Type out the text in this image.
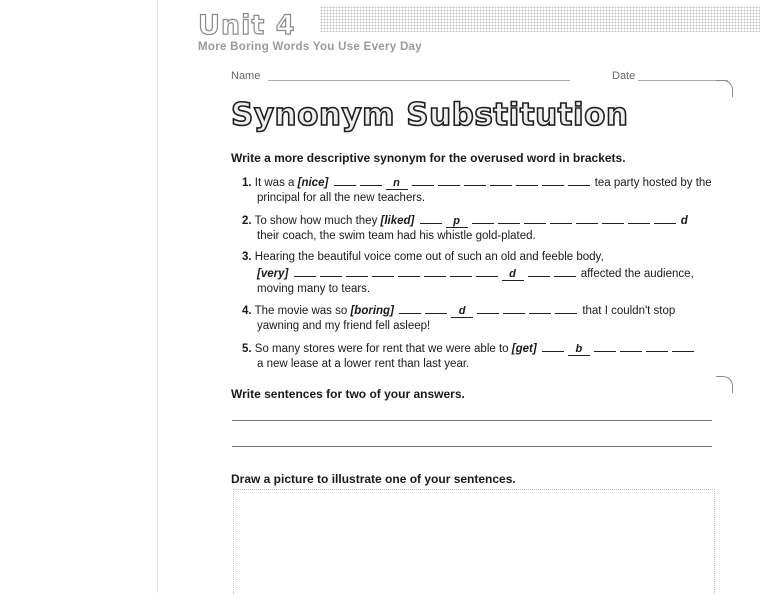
Unit 4
More Boring Words You Use Every Day
Name	Date
Synonym Substitution
Write a more descriptive synonym for the overused word in brackets.
1. It was a [nice]	n	tea party hosted by the
principal for all the new teachers.
2. To show how much they [liked]	p	d
their coach, the swim team had his whistle gold-plated.
3. Hearing the beautiful voice come out of such an old and feeble body,
[very]	d	affected the audience,
moving many to tears.
4. The movie was so [boring]	d	that I couldn't stop
yawning and my friend fell asleep!
5. So many stores were for rent that we were able to [get]	b
a new lease at a lower rent than last year.
Write sentences for two of your answers.
Draw a picture to illustrate one of your sentences.
